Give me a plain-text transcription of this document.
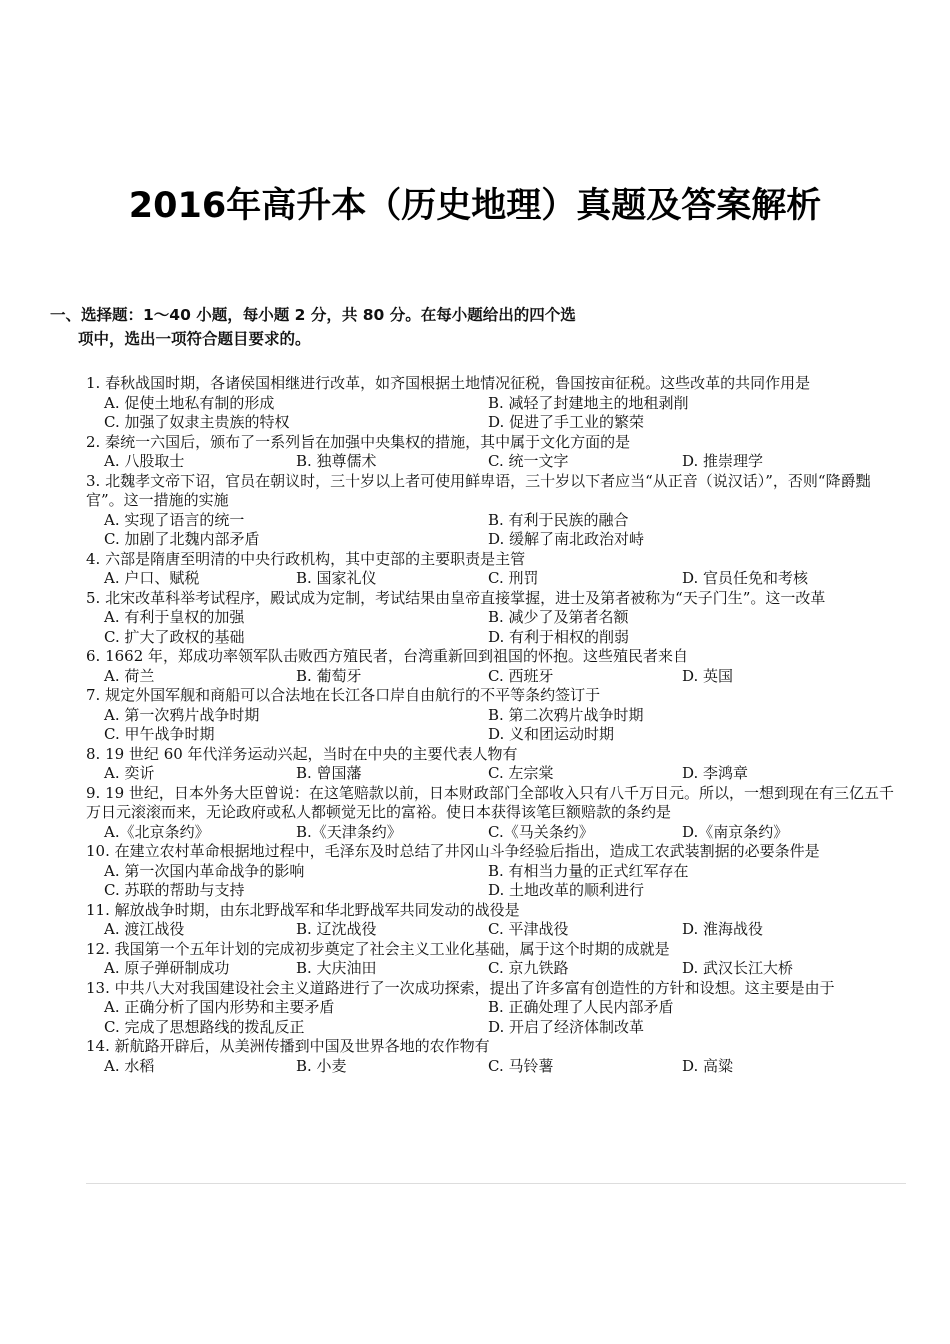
2016年高升本（历史地理）真题及答案解析
一、选择题：1～40 小题，每小题 2 分，共 80 分。在每小题给出的四个选
项中，选出一项符合题目要求的。
1. 春秋战国时期，各诸侯国相继进行改革，如齐国根据土地情况征税，鲁国按亩征税。这些改革的共同作用是
A. 促使土地私有制的形成	B. 减轻了封建地主的地租剥削
C. 加强了奴隶主贵族的特权	D. 促进了手工业的繁荣
2. 秦统一六国后，颁布了一系列旨在加强中央集权的措施，其中属于文化方面的是
A. 八股取士	B. 独尊儒术	C. 统一文字	D. 推崇理学
3. 北魏孝文帝下诏，官员在朝议时，三十岁以上者可使用鲜卑语，三十岁以下者应当“从正音（说汉话）”，否则“降爵黜官”。这一措施的实施
A. 实现了语言的统一	B. 有利于民族的融合
C. 加剧了北魏内部矛盾	D. 缓解了南北政治对峙
4. 六部是隋唐至明清的中央行政机构，其中吏部的主要职责是主管
A. 户口、赋税	B. 国家礼仪	C. 刑罚	D. 官员任免和考核
5. 北宋改革科举考试程序，殿试成为定制，考试结果由皇帝直接掌握，进士及第者被称为“天子门生”。这一改革
A. 有利于皇权的加强	B. 减少了及第者名额
C. 扩大了政权的基础	D. 有利于相权的削弱
6. 1662 年，郑成功率领军队击败西方殖民者，台湾重新回到祖国的怀抱。这些殖民者来自
A. 荷兰	B. 葡萄牙	C. 西班牙	D. 英国
7. 规定外国军舰和商船可以合法地在长江各口岸自由航行的不平等条约签订于
A. 第一次鸦片战争时期	B. 第二次鸦片战争时期
C. 甲午战争时期	D. 义和团运动时期
8. 19 世纪 60 年代洋务运动兴起，当时在中央的主要代表人物有
A. 奕䜣	B. 曾国藩	C. 左宗棠	D. 李鸿章
9. 19 世纪，日本外务大臣曾说：在这笔赔款以前，日本财政部门全部收入只有八千万日元。所以，一想到现在有三亿五千万日元滚滚而来，无论政府或私人都顿觉无比的富裕。使日本获得该笔巨额赔款的条约是
A.《北京条约》	B.《天津条约》	C.《马关条约》	D.《南京条约》
10. 在建立农村革命根据地过程中，毛泽东及时总结了井冈山斗争经验后指出，造成工农武装割据的必要条件是
A. 第一次国内革命战争的影响	B. 有相当力量的正式红军存在
C. 苏联的帮助与支持	D. 土地改革的顺利进行
11. 解放战争时期，由东北野战军和华北野战军共同发动的战役是
A. 渡江战役	B. 辽沈战役	C. 平津战役	D. 淮海战役
12. 我国第一个五年计划的完成初步奠定了社会主义工业化基础，属于这个时期的成就是
A. 原子弹研制成功	B. 大庆油田	C. 京九铁路	D. 武汉长江大桥
13. 中共八大对我国建设社会主义道路进行了一次成功探索，提出了许多富有创造性的方针和设想。这主要是由于
A. 正确分析了国内形势和主要矛盾	B. 正确处理了人民内部矛盾
C. 完成了思想路线的拨乱反正	D. 开启了经济体制改革
14. 新航路开辟后，从美洲传播到中国及世界各地的农作物有
A. 水稻	B. 小麦	C. 马铃薯	D. 高粱
